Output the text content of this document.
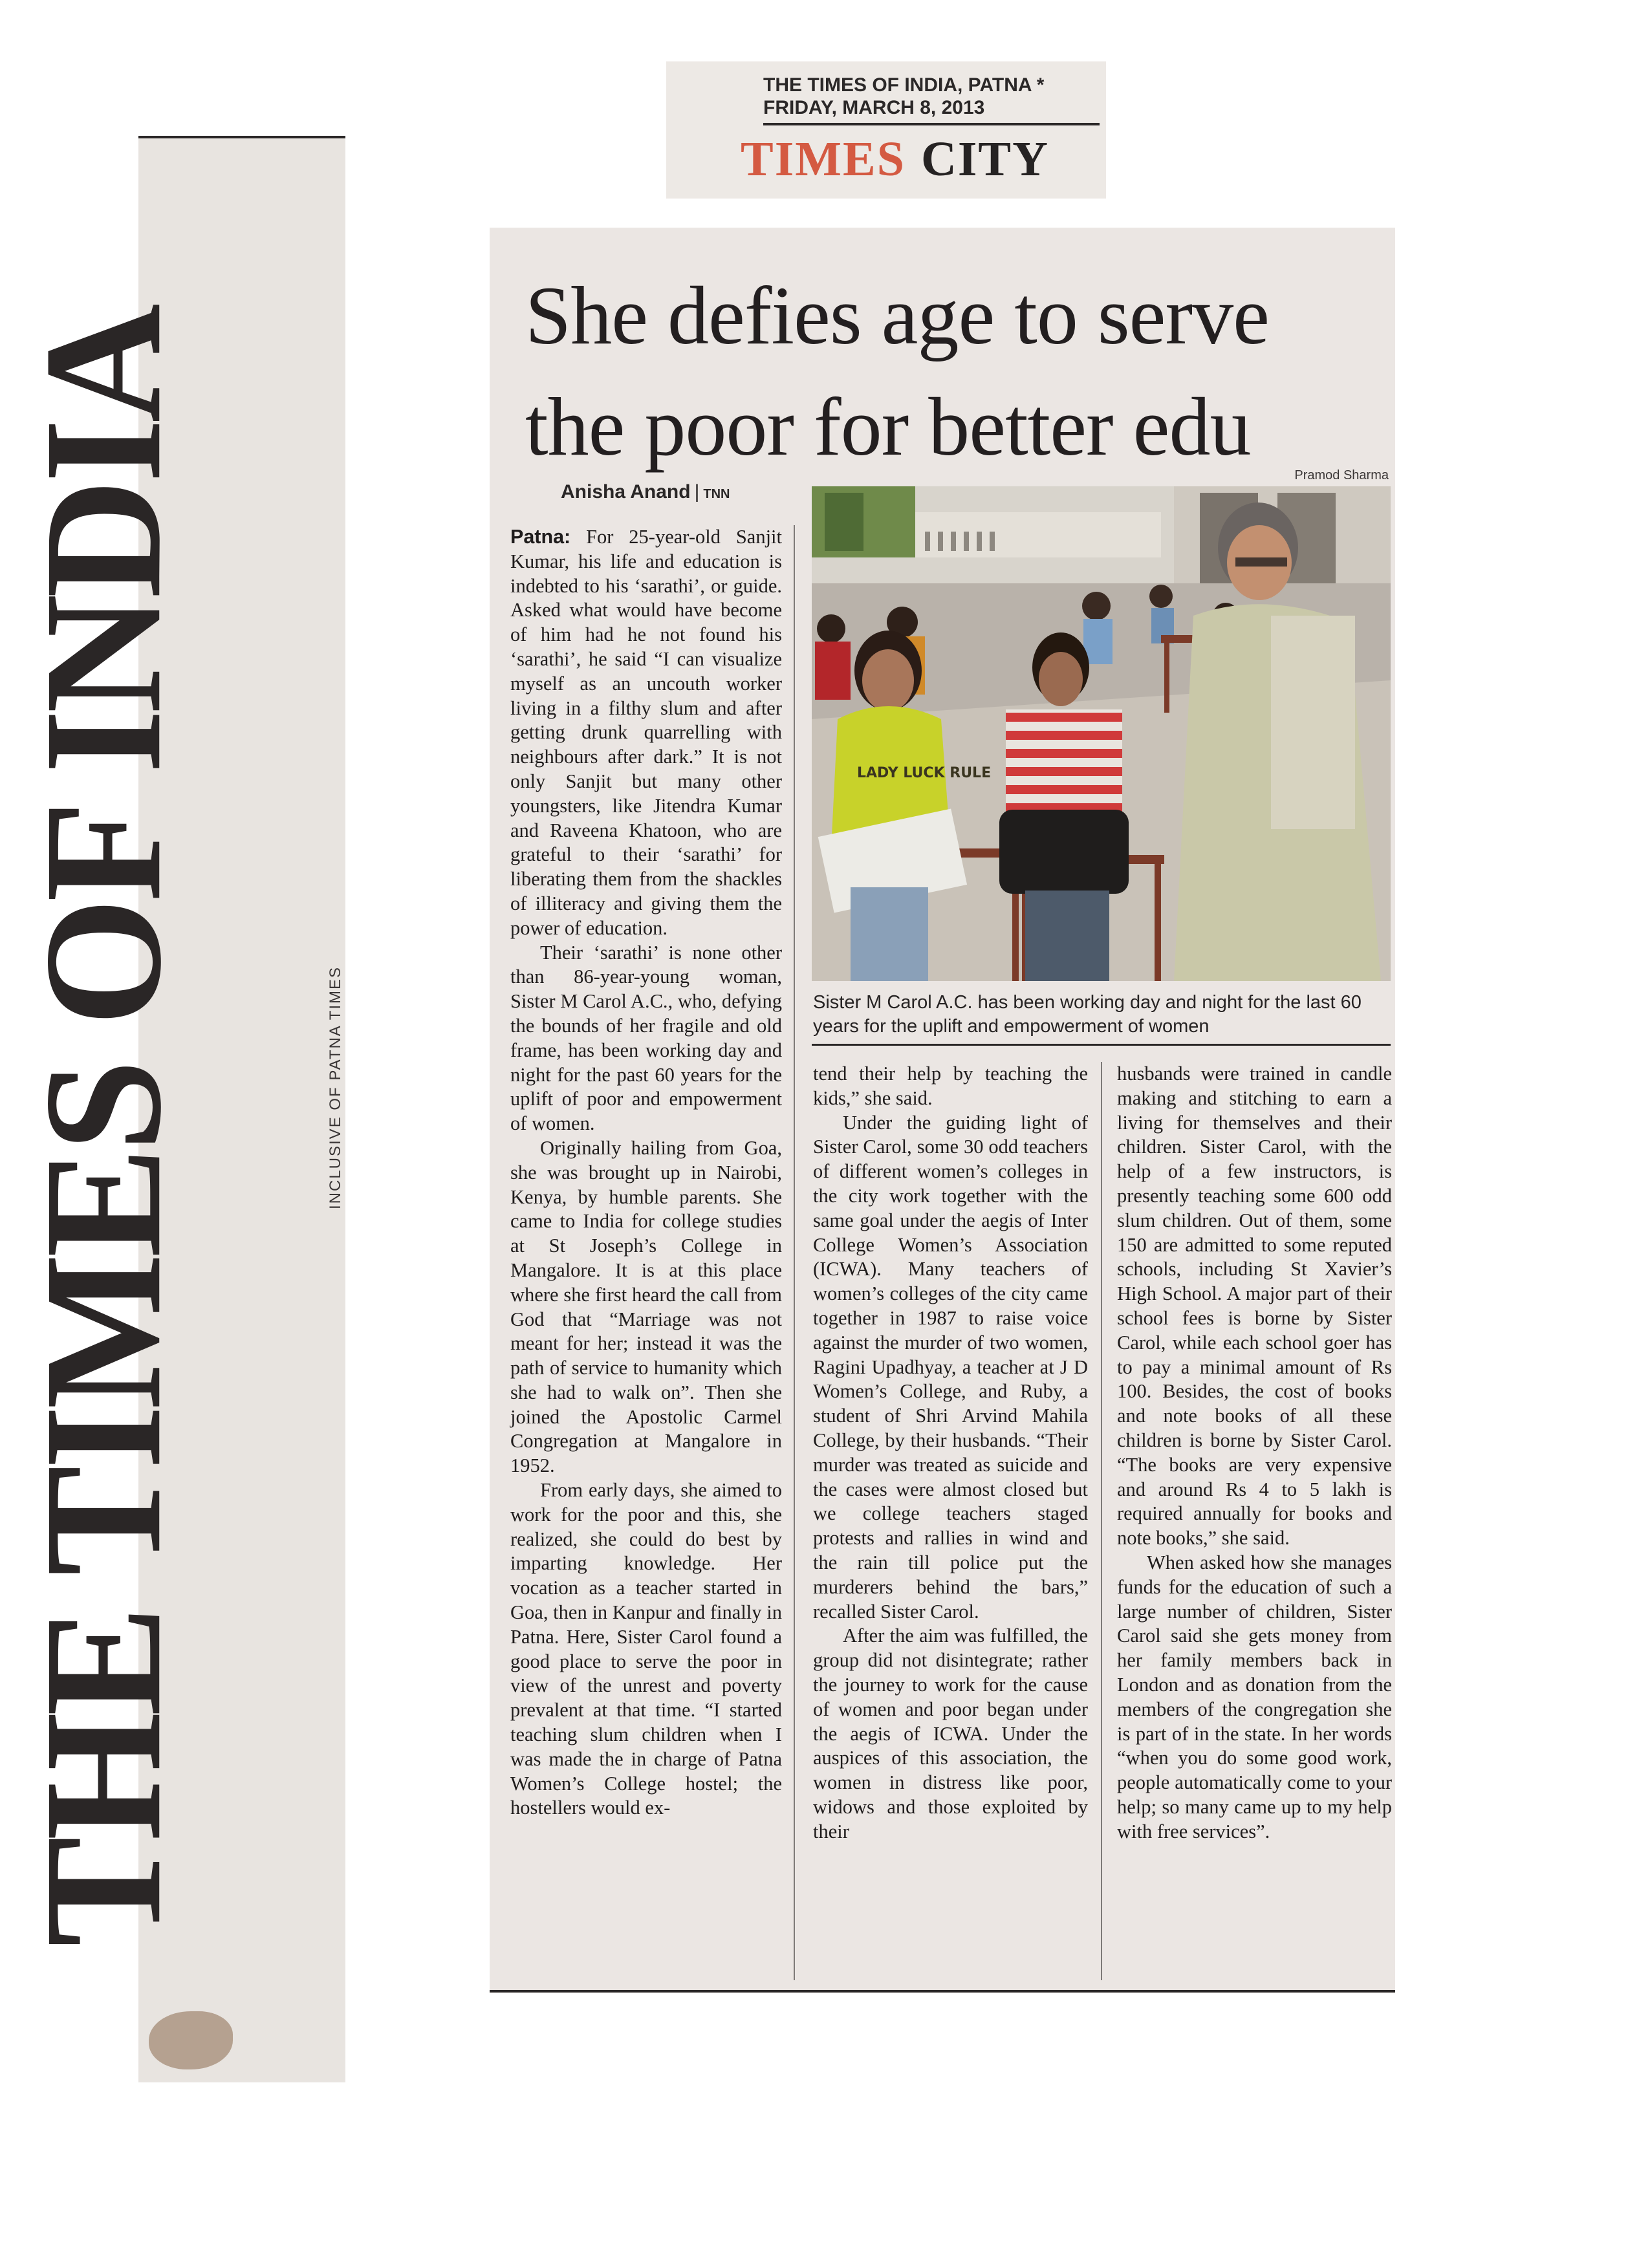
THE TIMES OF INDIA	INCLUSIVE OF PATNA TIMES
THE TIMES OF INDIA, PATNA *
FRIDAY, MARCH 8, 2013
TIMES CITY
She defies age to serve
the poor for better edu
Anisha Anand | TNN
Pramod Sharma
LADY LUCK RULE
Sister M Carol A.C. has been working day and night for the last 60 years for the uplift and empowerment of women

Patna: For 25-year-old Sanjit Kumar, his life and education is indebted to his ‘sarathi’, or guide. Asked what would have become of him had he not found his ‘sarathi’, he said “I can visualize myself as an uncouth worker living in a filthy slum and after getting drunk quarrelling with neighbours after dark.” It is not only Sanjit but many other youngsters, like Jitendra Kumar and Raveena Khatoon, who are grateful to their ‘sarathi’ for liberating them from the shackles of illiteracy and giving them the power of education.

Their ‘sarathi’ is none other than 86-year-young woman, Sister M Carol A.C., who, defying the bounds of her fragile and old frame, has been working day and night for the past 60 years for the uplift of poor and empowerment of women.

Originally hailing from Goa, she was brought up in Nairobi, Kenya, by humble parents. She came to India for college studies at St Joseph’s College in Mangalore. It is at this place where she first heard the call from God that “Marriage was not meant for her; instead it was the path of service to humanity which she had to walk on”. Then she joined the Apostolic Carmel Congregation at Mangalore in 1952.

From early days, she aimed to work for the poor and this, she realized, she could do best by imparting knowledge. Her vocation as a teacher started in Goa, then in Kanpur and finally in Patna. Here, Sister Carol found a good place to serve the poor in view of the unrest and poverty prevalent at that time. “I started teaching slum children when I was made the in charge of Patna Women’s College hostel; the hostellers would ex-

tend their help by teaching the kids,” she said.

Under the guiding light of Sister Carol, some 30 odd teachers of different women’s colleges in the city work together with the same goal under the aegis of Inter College Women’s Association (ICWA). Many teachers of women’s colleges of the city came together in 1987 to raise voice against the murder of two women, Ragini Upadhyay, a teacher at J D Women’s College, and Ruby, a student of Shri Arvind Mahila College, by their husbands. “Their murder was treated as suicide and the cases were almost closed but we college teachers staged protests and rallies in wind and the rain till police put the murderers behind the bars,” recalled Sister Carol.

After the aim was fulfilled, the group did not disintegrate; rather the journey to work for the cause of women and poor began under the aegis of ICWA. Under the auspices of this association, the women in distress like poor, widows and those exploited by their

husbands were trained in candle making and stitching to earn a living for themselves and their children. Sister Carol, with the help of a few instructors, is presently teaching some 600 odd slum children. Out of them, some 150 are admitted to some reputed schools, including St Xavier’s High School. A major part of their school fees is borne by Sister Carol, while each school goer has to pay a minimal amount of Rs 100. Besides, the cost of books and note books of all these children is borne by Sister Carol. “The books are very expensive and around Rs 4 to 5 lakh is required annually for books and note books,” she said.

When asked how she manages funds for the education of such a large number of children, Sister Carol said she gets money from her family members back in London and as donation from the members of the congregation she is part of in the state. In her words “when you do some good work, people automatically come to your help; so many came up to my help with free services”.
